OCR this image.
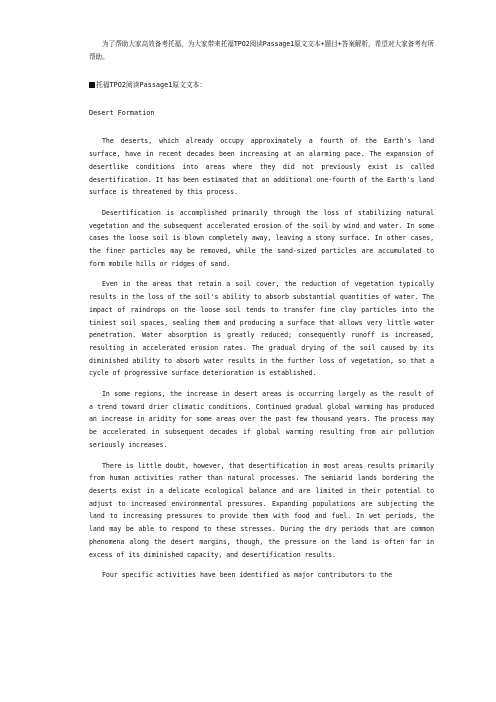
为了帮助大家高效备考托福，为大家带来托福TPO2阅读Passage1原文文本+题目+答案解析，希望对大家备考有所帮助。

托福TPO2阅读Passage1原文文本：
Desert Formation

The deserts, which already occupy approximately a fourth of the Earth's land surface, have in recent decades been increasing at an alarming pace. The expansion of desertlike conditions into areas where they did not previously exist is called desertification. It has been estimated that an additional one-fourth of the Earth's land surface is threatened by this process.

Desertification is accomplished primarily through the loss of stabilizing natural vegetation and the subsequent accelerated erosion of the soil by wind and water. In some cases the loose soil is blown completely away, leaving a stony surface. In other cases, the finer particles may be removed, while the sand-sized particles are accumulated to form mobile hills or ridges of sand.

Even in the areas that retain a soil cover, the reduction of vegetation typically results in the loss of the soil's ability to absorb substantial quantities of water. The impact of raindrops on the loose soil tends to transfer fine clay particles into the tiniest soil spaces, sealing them and producing a surface that allows very little water penetration. Water absorption is greatly reduced; consequently runoff is increased, resulting in accelerated erosion rates. The gradual drying of the soil caused by its diminished ability to absorb water results in the further loss of vegetation, so that a cycle of progressive surface deterioration is established.

In some regions, the increase in desert areas is occurring largely as the result of a trend toward drier climatic conditions. Continued gradual global warming has produced an increase in aridity for some areas over the past few thousand years. The process may be accelerated in subsequent decades if global warming resulting from air pollution seriously increases.

There is little doubt, however, that desertification in most areas results primarily from human activities rather than natural processes. The semiarid lands bordering the deserts exist in a delicate ecological balance and are limited in their potential to adjust to increased environmental pressures. Expanding populations are subjecting the land to increasing pressures to provide them with food and fuel. In wet periods, the land may be able to respond to these stresses. During the dry periods that are common phenomena along the desert margins, though, the pressure on the land is often far in excess of its diminished capacity, and desertification results.

Four specific activities have been identified as major contributors to the
